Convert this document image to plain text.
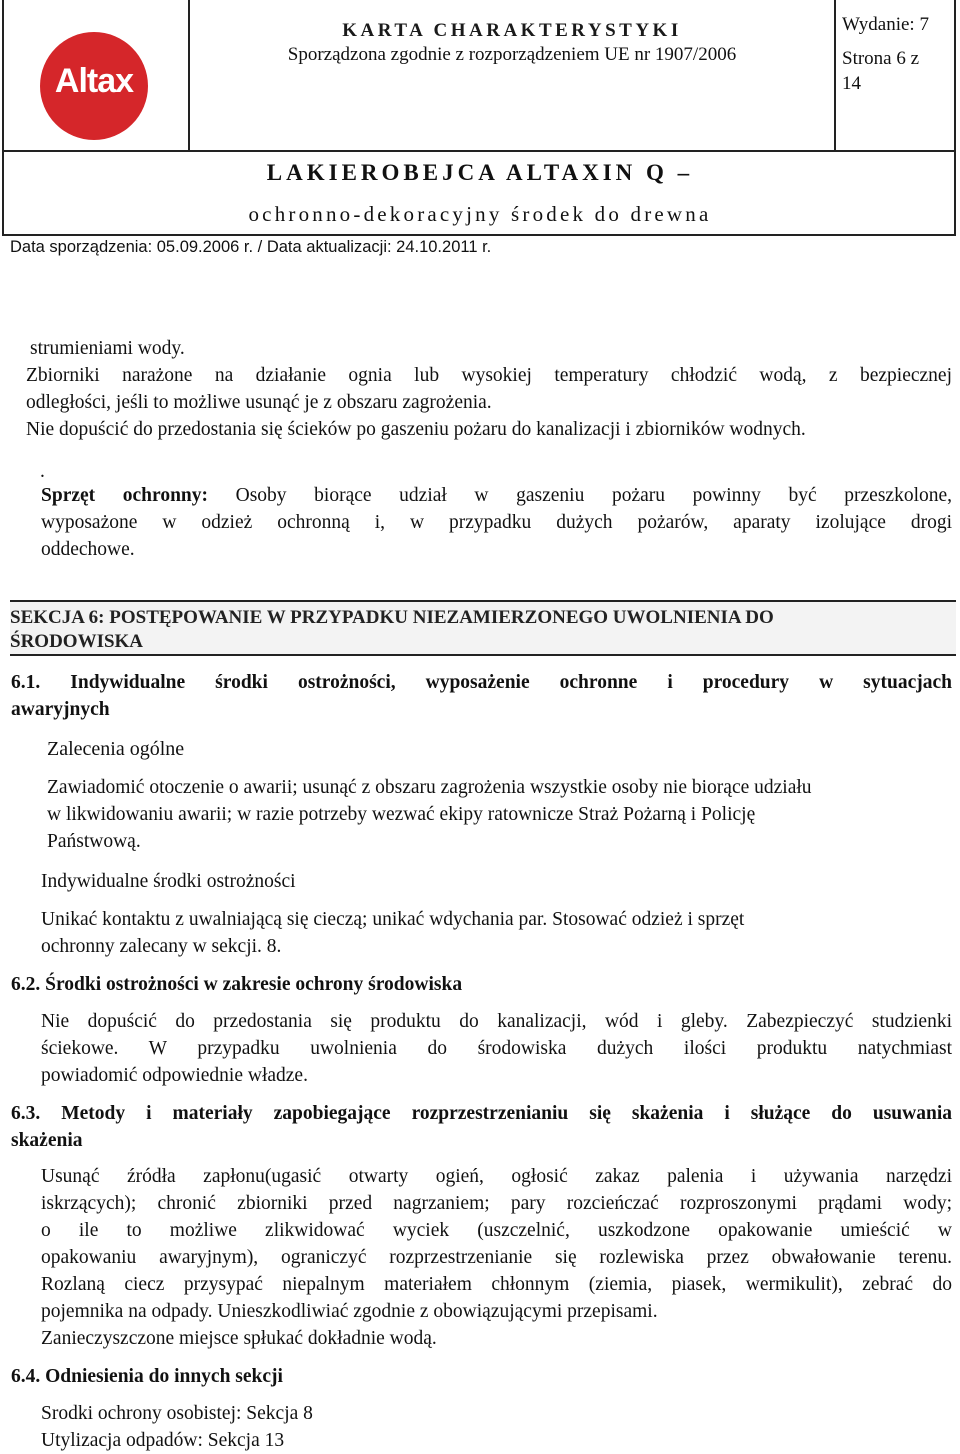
Altax
KARTA CHARAKTERYSTYKI
Sporządzona zgodnie z rozporządzeniem UE nr 1907/2006
Wydanie: 7
Strona 6 z
14
LAKIEROBEJCA ALTAXIN Q –
ochronno-dekoracyjny środek do drewna
Data sporządzenia: 05.09.2006 r. / Data aktualizacji: 24.10.2011 r.
strumieniami wody.
Zbiorniki narażone na działanie ognia lub wysokiej temperatury chłodzić wodą, z bezpiecznej
odległości, jeśli to możliwe usunąć je z obszaru zagrożenia.
Nie dopuścić do przedostania się ścieków po gaszeniu pożaru do kanalizacji i zbiorników wodnych.
.
Sprzęt ochronny: Osoby biorące udział w gaszeniu pożaru powinny być przeszkolone,
wyposażone w odzież ochronną i, w przypadku dużych pożarów, aparaty izolujące drogi
oddechowe.
SEKCJA 6: POSTĘPOWANIE W PRZYPADKU NIEZAMIERZONEGO UWOLNIENIA DO
ŚRODOWISKA
6.1. Indywidualne środki ostrożności, wyposażenie ochronne i procedury w sytuacjach
awaryjnych
Zalecenia ogólne
Zawiadomić otoczenie o awarii; usunąć z obszaru zagrożenia wszystkie osoby nie biorące udziału
w likwidowaniu awarii; w razie potrzeby wezwać ekipy ratownicze Straż Pożarną i Policję
Państwową.
Indywidualne środki ostrożności
Unikać kontaktu z uwalniającą się cieczą; unikać wdychania par. Stosować odzież i sprzęt
ochronny zalecany w sekcji. 8.
6.2. Środki ostrożności w zakresie ochrony środowiska
Nie dopuścić do przedostania się produktu do kanalizacji, wód i gleby. Zabezpieczyć studzienki
ściekowe. W przypadku uwolnienia do środowiska dużych ilości produktu natychmiast
powiadomić odpowiednie władze.
6.3. Metody i materiały zapobiegające rozprzestrzenianiu się skażenia i służące do usuwania
skażenia
Usunąć źródła zapłonu(ugasić otwarty ogień, ogłosić zakaz palenia i używania narzędzi
iskrzących); chronić zbiorniki przed nagrzaniem; pary rozcieńczać rozproszonymi prądami wody;
o ile to możliwe zlikwidować wyciek (uszczelnić, uszkodzone opakowanie umieścić w
opakowaniu awaryjnym), ograniczyć rozprzestrzenianie się rozlewiska przez obwałowanie terenu.
Rozlaną ciecz przysypać niepalnym materiałem chłonnym (ziemia, piasek, wermikulit), zebrać do
pojemnika na odpady. Unieszkodliwiać zgodnie z obowiązującymi przepisami.
Zanieczyszczone miejsce spłukać dokładnie wodą.
6.4. Odniesienia do innych sekcji
Srodki ochrony osobistej: Sekcja 8
Utylizacja odpadów: Sekcja 13
